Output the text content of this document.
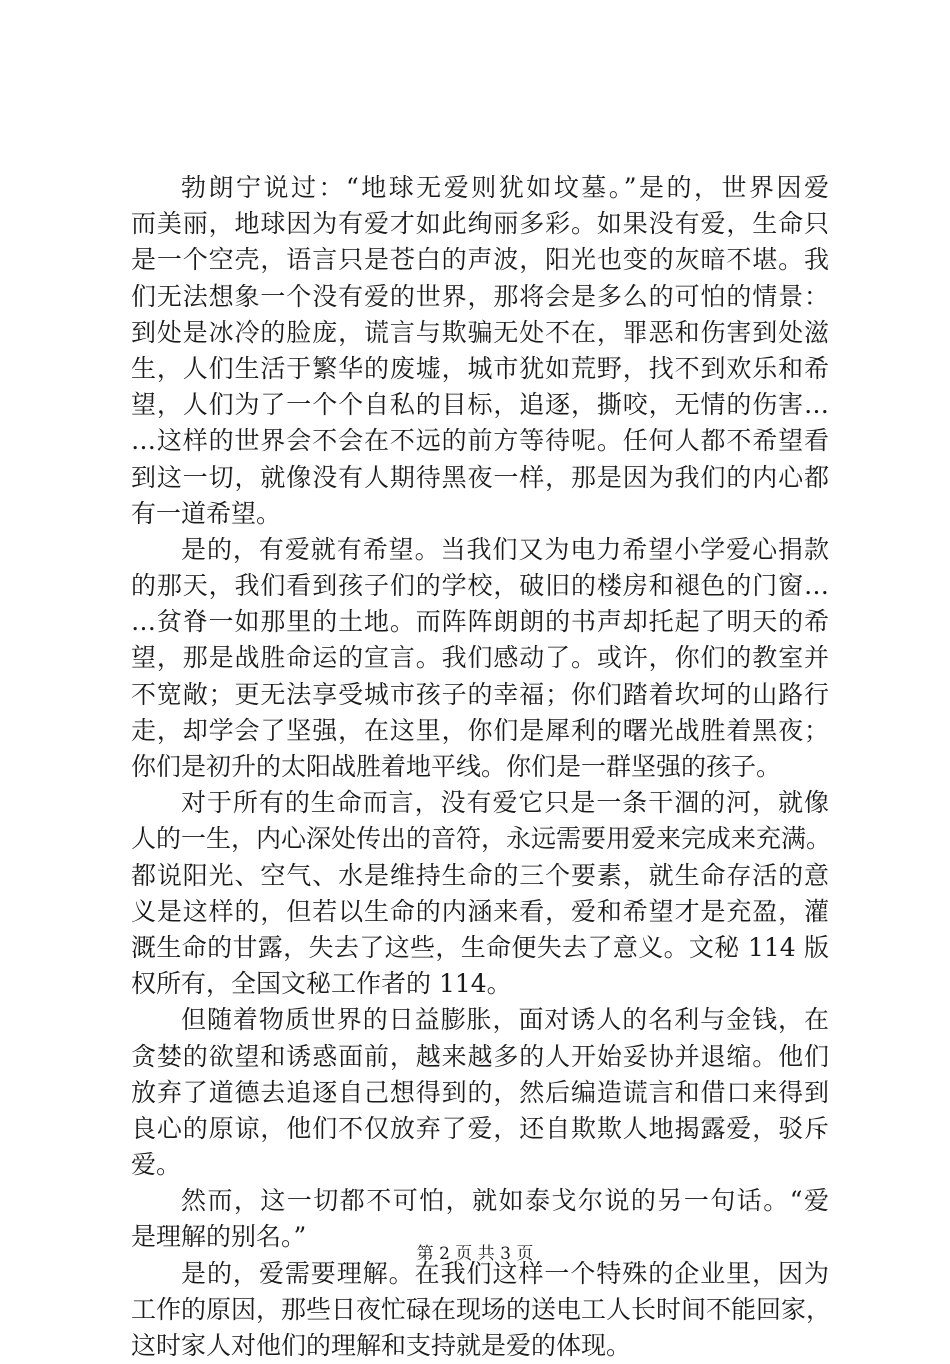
勃朗宁说过：“地球无爱则犹如坟墓。”是的，世界因爱
而美丽，地球因为有爱才如此绚丽多彩。如果没有爱，生命只
是一个空壳，语言只是苍白的声波，阳光也变的灰暗不堪。我
们无法想象一个没有爱的世界，那将会是多么的可怕的情景：
到处是冰冷的脸庞，谎言与欺骗无处不在，罪恶和伤害到处滋
生，人们生活于繁华的废墟，城市犹如荒野，找不到欢乐和希
望，人们为了一个个自私的目标，追逐，撕咬，无情的伤害…
…这样的世界会不会在不远的前方等待呢。任何人都不希望看
到这一切，就像没有人期待黑夜一样，那是因为我们的内心都
有一道希望。
是的，有爱就有希望。当我们又为电力希望小学爱心捐款
的那天，我们看到孩子们的学校，破旧的楼房和褪色的门窗…
…贫脊一如那里的土地。而阵阵朗朗的书声却托起了明天的希
望，那是战胜命运的宣言。我们感动了。或许，你们的教室并
不宽敞；更无法享受城市孩子的幸福；你们踏着坎坷的山路行
走，却学会了坚强，在这里，你们是犀利的曙光战胜着黑夜；
你们是初升的太阳战胜着地平线。你们是一群坚强的孩子。
对于所有的生命而言，没有爱它只是一条干涸的河，就像
人的一生，内心深处传出的音符，永远需要用爱来完成来充满。
都说阳光、空气、水是维持生命的三个要素，就生命存活的意
义是这样的，但若以生命的内涵来看，爱和希望才是充盈，灌
溉生命的甘露，失去了这些，生命便失去了意义。文秘 114 版
权所有，全国文秘工作者的 114。
但随着物质世界的日益膨胀，面对诱人的名利与金钱，在
贪婪的欲望和诱惑面前，越来越多的人开始妥协并退缩。他们
放弃了道德去追逐自己想得到的，然后编造谎言和借口来得到
良心的原谅，他们不仅放弃了爱，还自欺欺人地揭露爱，驳斥
爱。
然而，这一切都不可怕，就如泰戈尔说的另一句话。“爱
是理解的别名。”
是的，爱需要理解。在我们这样一个特殊的企业里，因为
工作的原因，那些日夜忙碌在现场的送电工人长时间不能回家，
这时家人对他们的理解和支持就是爱的体现。
第 2 页 共 3 页
